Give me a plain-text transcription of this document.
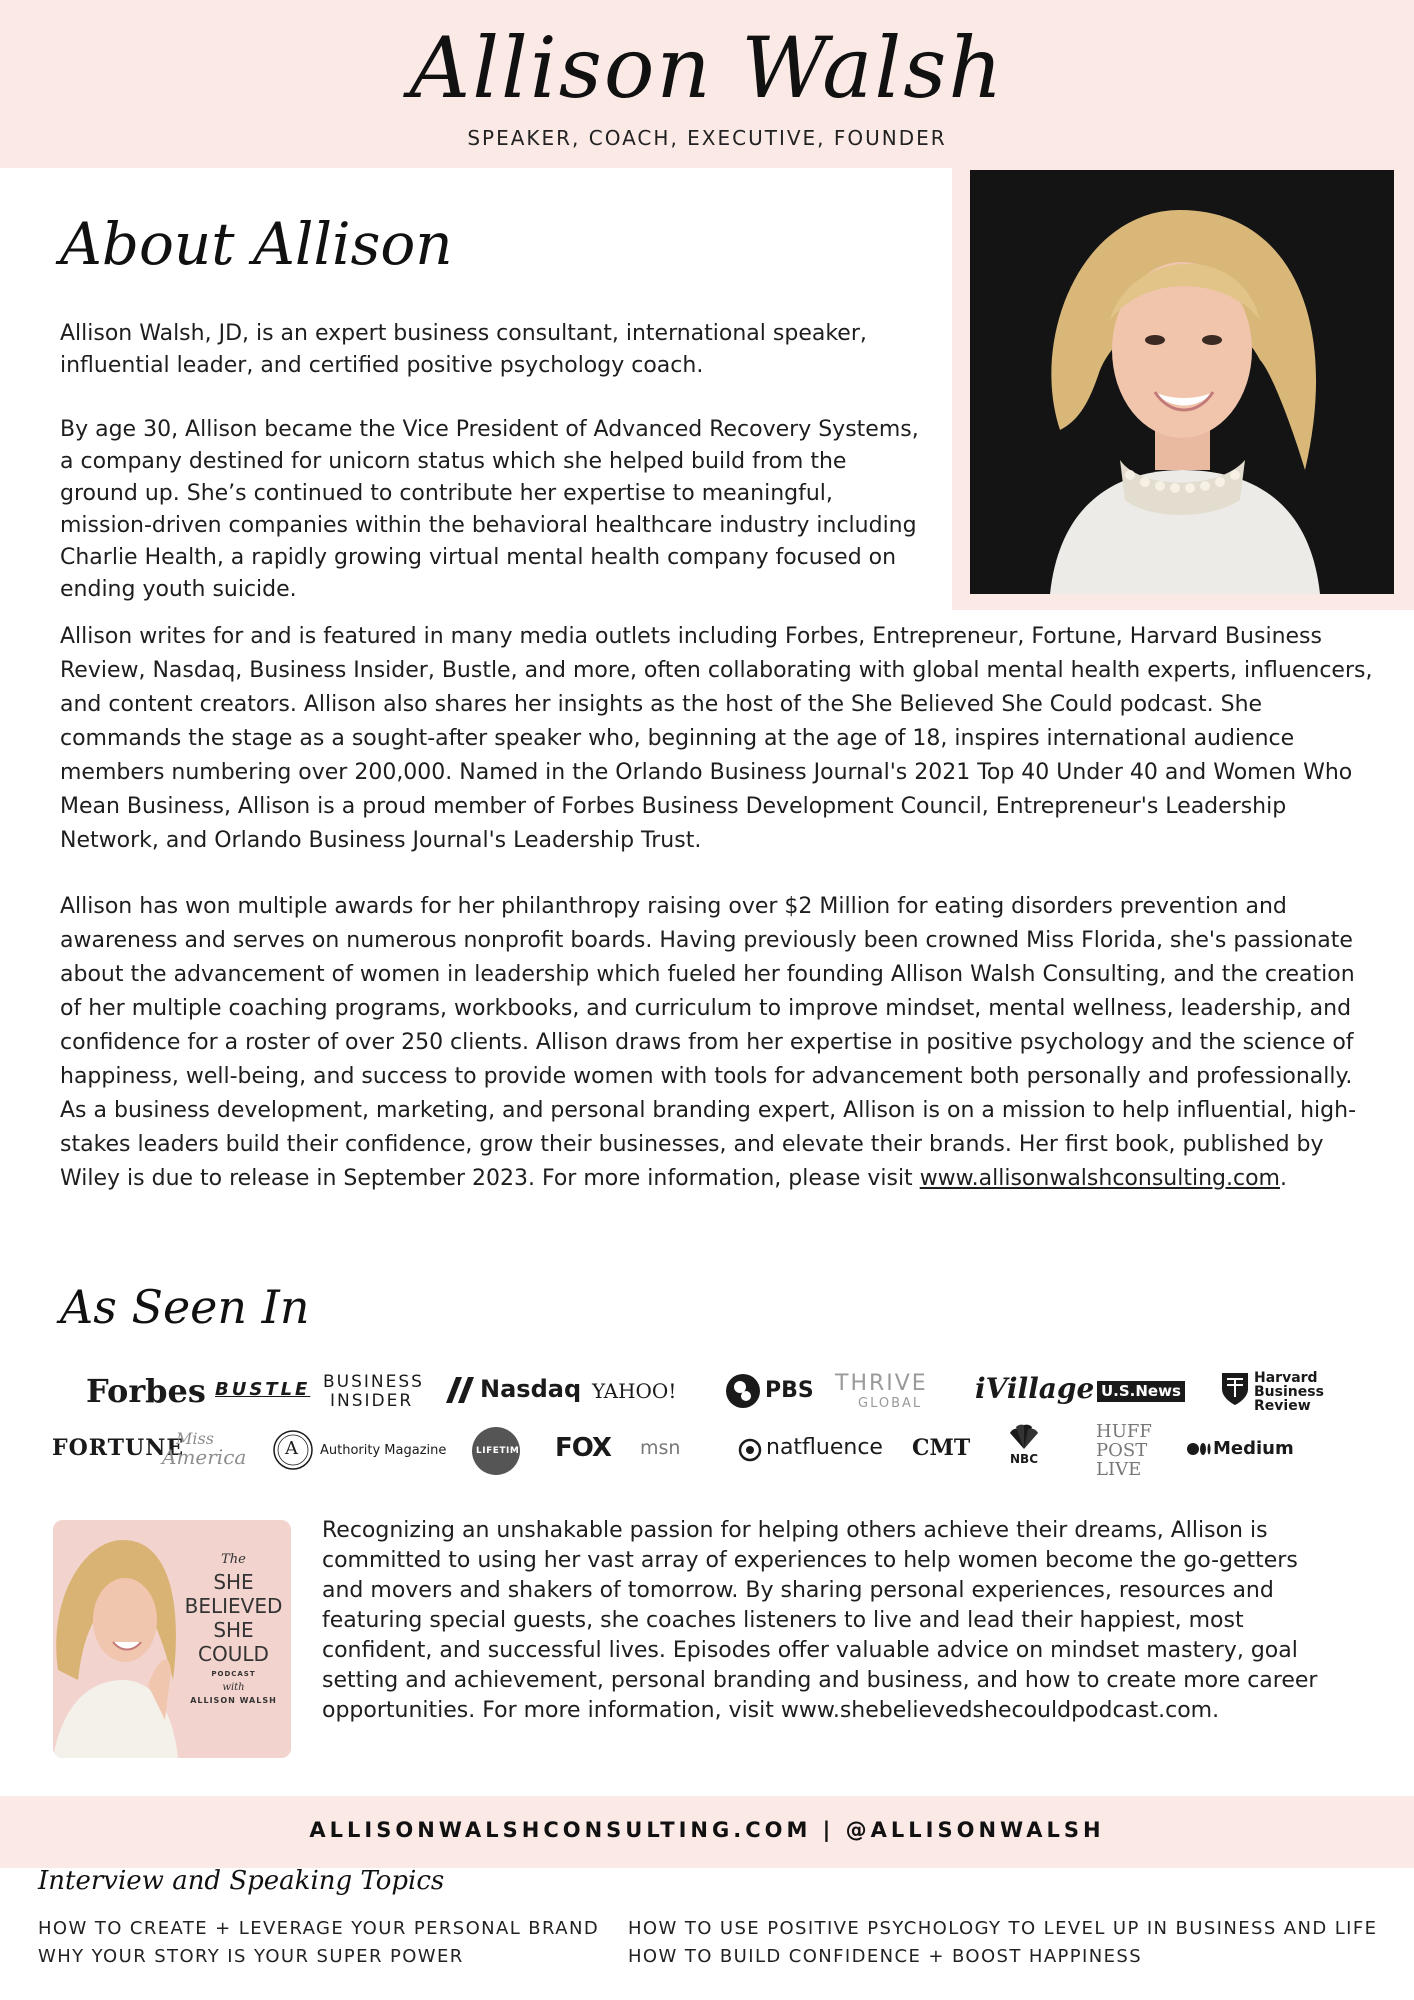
Allison Walsh
SPEAKER, COACH, EXECUTIVE, FOUNDER
About Allison

Allison Walsh, JD, is an expert business consultant, international speaker, influential leader, and certified positive psychology coach.

By age 30, Allison became the Vice President of Advanced Recovery Systems, a company destined for unicorn status which she helped build from the ground up. She’s continued to contribute her expertise to meaningful, mission-driven companies within the behavioral healthcare industry including Charlie Health, a rapidly growing virtual mental health company focused on ending youth suicide.

Allison writes for and is featured in many media outlets including Forbes, Entrepreneur, Fortune, Harvard Business Review, Nasdaq, Business Insider, Bustle, and more, often collaborating with global mental health experts, influencers, and content creators. Allison also shares her insights as the host of the She Believed She Could podcast. She commands the stage as a sought-after speaker who, beginning at the age of 18, inspires international audience members numbering over 200,000. Named in the Orlando Business Journal's 2021 Top 40 Under 40 and Women Who Mean Business, Allison is a proud member of Forbes Business Development Council, Entrepreneur's Leadership Network, and Orlando Business Journal's Leadership Trust.

Allison has won multiple awards for her philanthropy raising over $2 Million for eating disorders prevention and awareness and serves on numerous nonprofit boards. Having previously been crowned Miss Florida, she's passionate about the advancement of women in leadership which fueled her founding Allison Walsh Consulting, and the creation of her multiple coaching programs, workbooks, and curriculum to improve mindset, mental wellness, leadership, and confidence for a roster of over 250 clients. Allison draws from her expertise in positive psychology and the science of happiness, well-being, and success to provide women with tools for advancement both personally and professionally. As a business development, marketing, and personal branding expert, Allison is on a mission to help influential, high-stakes leaders build their confidence, grow their businesses, and elevate their brands. Her first book, published by Wiley is due to release in September 2023. For more information, please visit www.allisonwalshconsulting.com.

As Seen In
Forbes BUSTLE BUSINESS
INSIDER	Nasdaq YAHOO!	PBS THRIVE
GLOBAL iVillage U.S.News
Harvard
Business
Review
FORTUNE
Miss
America A Authority Magazine	LIFETIME FOX msn	natfluence CMT	NBC
HUFF
POST
LIVE
Medium
The
SHE
BELIEVED
SHE
COULD
PODCAST
with
ALLISON WALSH

Recognizing an unshakable passion for helping others achieve their dreams, Allison is committed to using her vast array of experiences to help women become the go-getters and movers and shakers of tomorrow. By sharing personal experiences, resources and featuring special guests, she coaches listeners to live and lead their happiest, most confident, and successful lives. Episodes offer valuable advice on mindset mastery, goal setting and achievement, personal branding and business, and how to create more career opportunities. For more information, visit www.shebelievedshecouldpodcast.com.

ALLISONWALSHCONSULTING.COM | @ALLISONWALSH
Interview and Speaking Topics
HOW TO CREATE + LEVERAGE YOUR PERSONAL BRAND
WHY YOUR STORY IS YOUR SUPER POWER
HOW TO USE POSITIVE PSYCHOLOGY TO LEVEL UP IN BUSINESS AND LIFE
HOW TO BUILD CONFIDENCE + BOOST HAPPINESS
